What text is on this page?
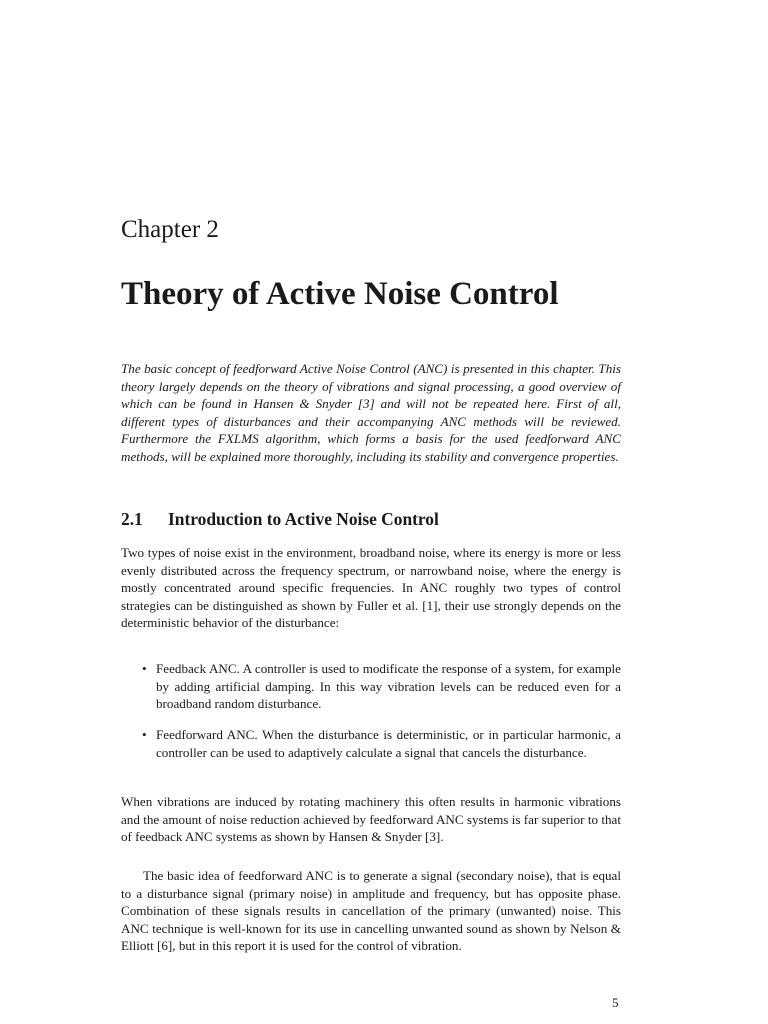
Chapter 2
Theory of Active Noise Control

The basic concept of feedforward Active Noise Control (ANC) is presented in this chapter. This theory largely depends on the theory of vibrations and signal processing, a good overview of which can be found in Hansen & Snyder [3] and will not be repeated here. First of all, different types of disturbances and their accompanying ANC methods will be reviewed. Furthermore the FXLMS algorithm, which forms a basis for the used feedforward ANC methods, will be explained more thoroughly, including its stability and convergence properties.

2.1 Introduction to Active Noise Control

Two types of noise exist in the environment, broadband noise, where its energy is more or less evenly distributed across the frequency spectrum, or narrowband noise, where the energy is mostly concentrated around specific frequencies. In ANC roughly two types of control strategies can be distinguished as shown by Fuller et al. [1], their use strongly depends on the deterministic behavior of the disturbance:

• Feedback ANC. A controller is used to modificate the response of a system, for example by adding artificial damping. In this way vibration levels can be reduced even for a broadband random disturbance.
• Feedforward ANC. When the disturbance is deterministic, or in particular harmonic, a controller can be used to adaptively calculate a signal that cancels the disturbance.

When vibrations are induced by rotating machinery this often results in harmonic vibrations and the amount of noise reduction achieved by feedforward ANC systems is far superior to that of feedback ANC systems as shown by Hansen & Snyder [3].

The basic idea of feedforward ANC is to generate a signal (secondary noise), that is equal to a disturbance signal (primary noise) in amplitude and frequency, but has opposite phase. Combination of these signals results in cancellation of the primary (unwanted) noise. This ANC technique is well-known for its use in cancelling unwanted sound as shown by Nelson & Elliott [6], but in this report it is used for the control of vibration.

5
